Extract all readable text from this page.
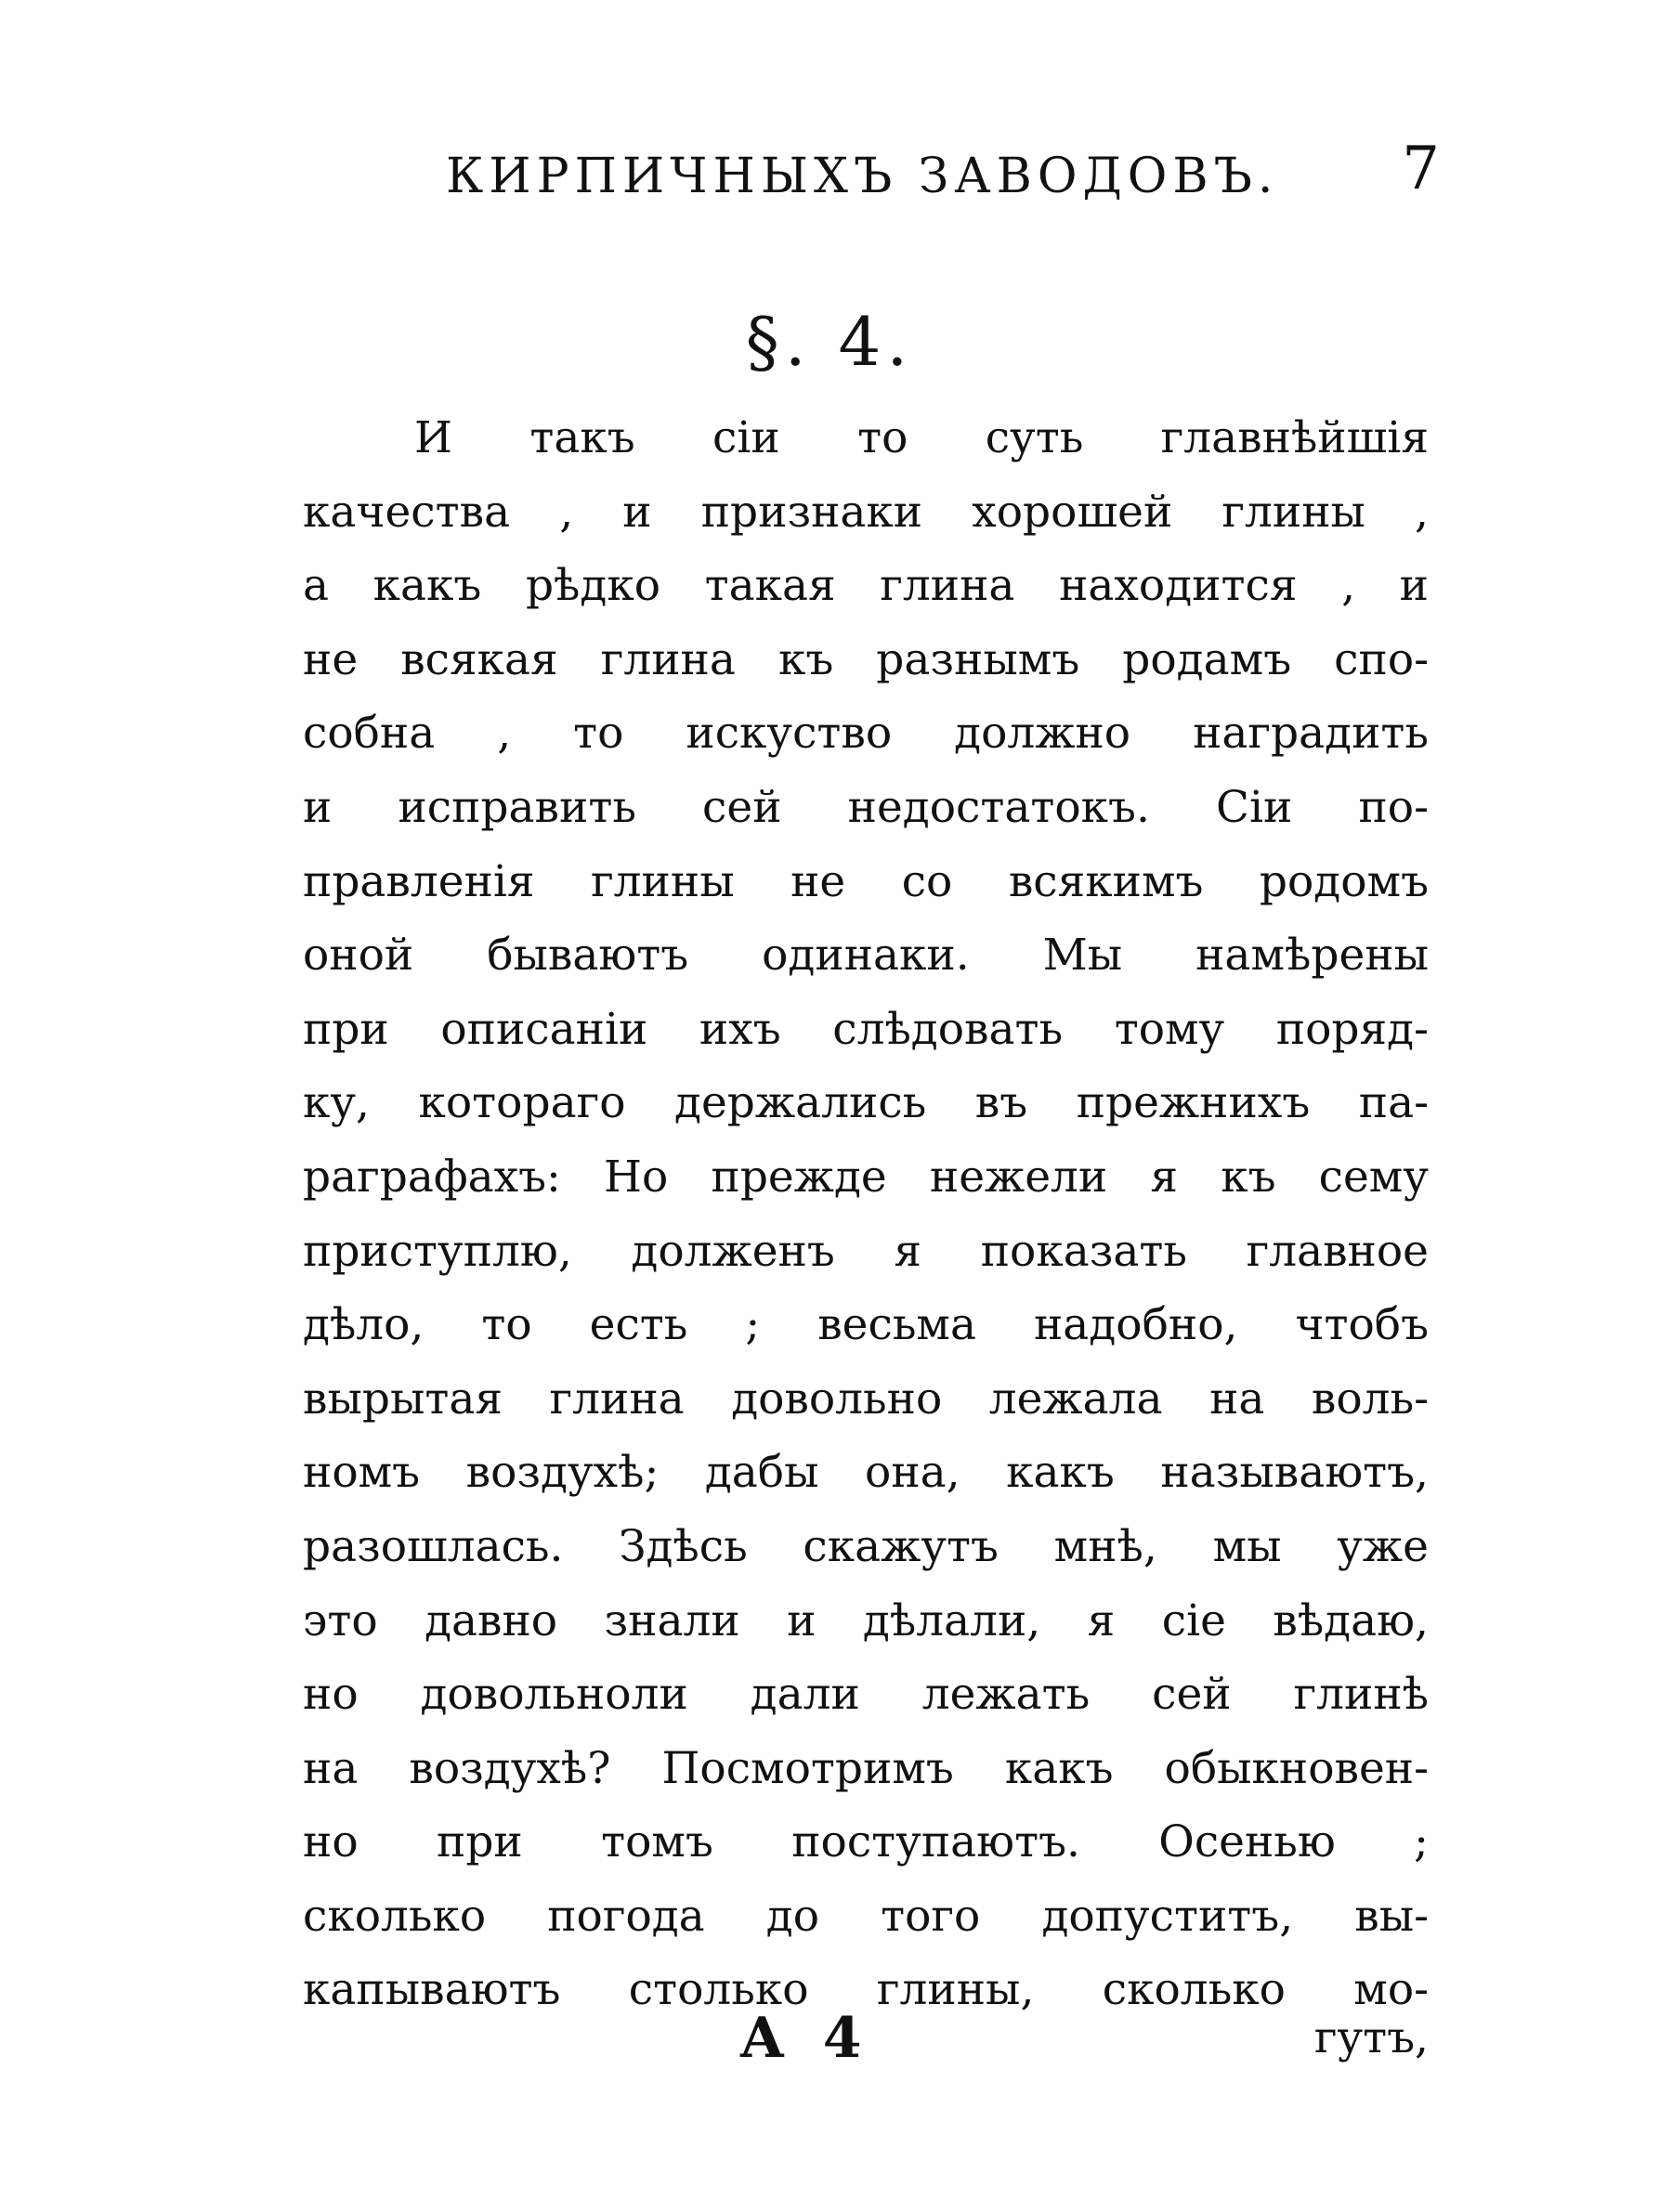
КИРПИЧНЫХЪ ЗАВОДОВЪ. 7
§. 4.
И такъ сіи то суть главнѣйшія
качества , и признаки хорошей глины ,
а какъ рѣдко такая глина находится , и
не всякая глина къ разнымъ родамъ спо-
собна , то искуство должно наградить
и исправить сей недостатокъ. Сіи по-
правленія глины не со всякимъ родомъ
оной бываютъ одинаки. Мы намѣрены
при описаніи ихъ слѣдовать тому поряд-
ку, котораго держались въ прежнихъ па-
раграфахъ: Но прежде нежели я къ сему
приступлю, долженъ я показать главное
дѣло, то есть ; весьма надобно, чтобъ
вырытая глина довольно лежала на воль-
номъ воздухѣ; дабы она, какъ называютъ,
разошлась. Здѣсь скажутъ мнѣ, мы уже
это давно знали и дѣлали, я сіе вѣдаю,
но довольноли дали лежать сей глинѣ
на воздухѣ? Посмотримъ какъ обыкновен-
но при томъ поступаютъ. Осенью ;
сколько погода до того допуститъ, вы-
капываютъ столько глины, сколько мо-
А 4	гутъ,
